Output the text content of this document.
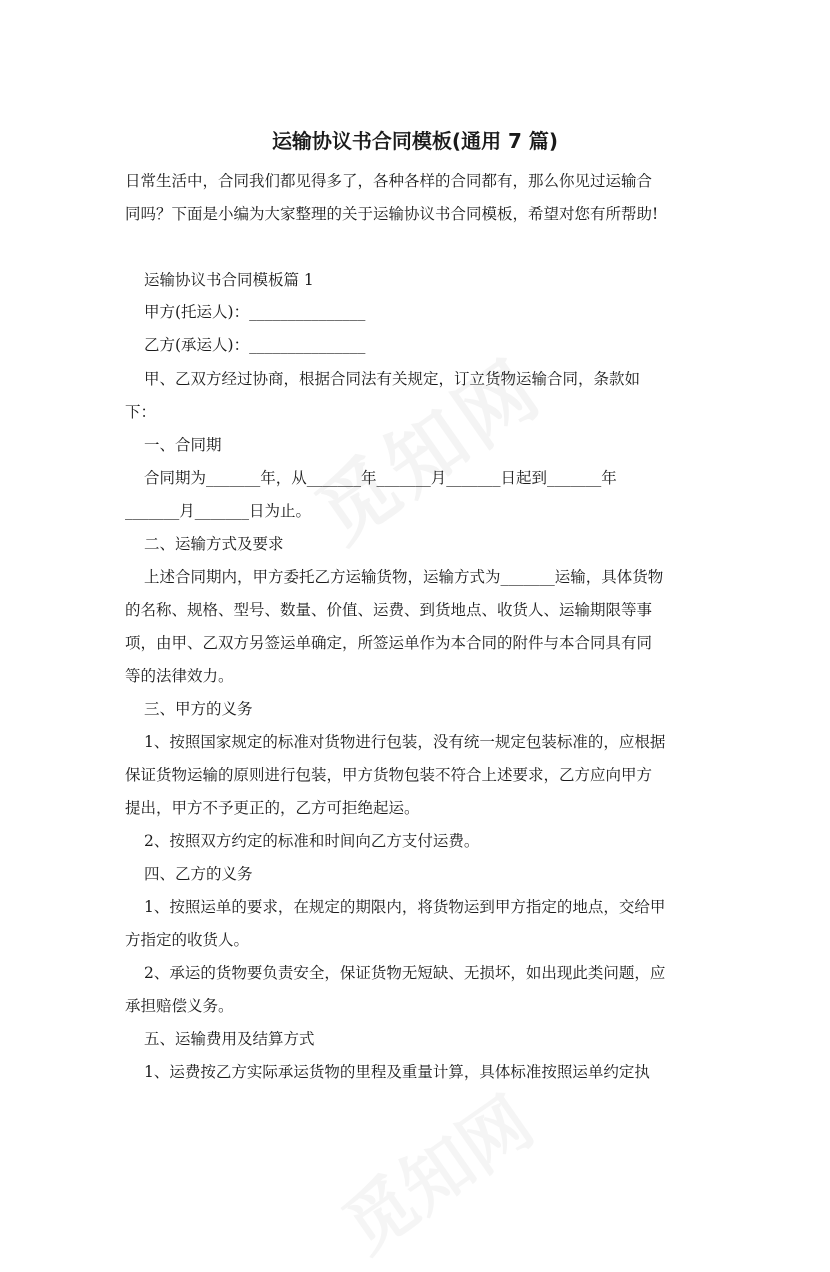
运输协议书合同模板(通用 7 篇)
日常生活中，合同我们都见得多了，各种各样的合同都有，那么你见过运输合
同吗？下面是小编为大家整理的关于运输协议书合同模板，希望对您有所帮助!
运输协议书合同模板篇 1
甲方(托运人)：_______________
乙方(承运人)：_______________
甲、乙双方经过协商，根据合同法有关规定，订立货物运输合同，条款如
下：
一、合同期
合同期为_______年，从_______年_______月_______日起到_______年
_______月_______日为止。
二、运输方式及要求
上述合同期内，甲方委托乙方运输货物，运输方式为_______运输，具体货物
的名称、规格、型号、数量、价值、运费、到货地点、收货人、运输期限等事
项，由甲、乙双方另签运单确定，所签运单作为本合同的附件与本合同具有同
等的法律效力。
三、甲方的义务
1、按照国家规定的标准对货物进行包装，没有统一规定包装标准的，应根据
保证货物运输的原则进行包装，甲方货物包装不符合上述要求，乙方应向甲方
提出，甲方不予更正的，乙方可拒绝起运。
2、按照双方约定的标准和时间向乙方支付运费。
四、乙方的义务
1、按照运单的要求，在规定的期限内，将货物运到甲方指定的地点，交给甲
方指定的收货人。
2、承运的货物要负责安全，保证货物无短缺、无损坏，如出现此类问题，应
承担赔偿义务。
五、运输费用及结算方式
1、运费按乙方实际承运货物的里程及重量计算，具体标准按照运单约定执
